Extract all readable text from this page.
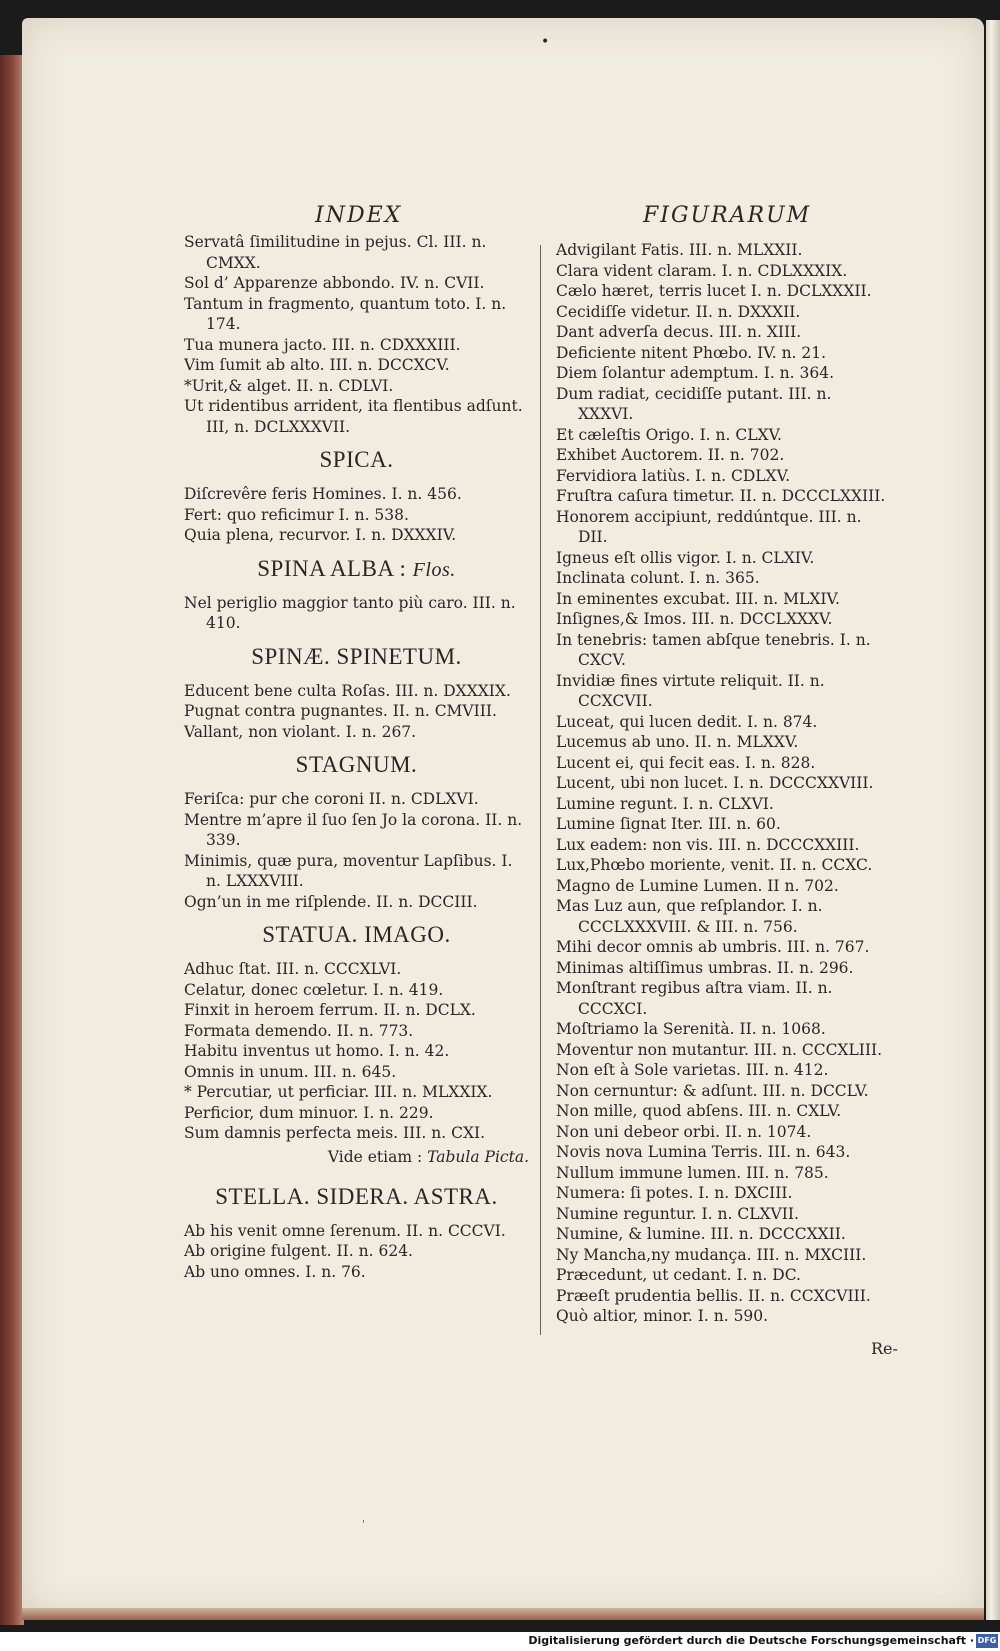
•
INDEX	FIGURARUM

Servatâ ſimilitudine in pejus. Cl. III. n. CMXX.

Sol d’ Apparenze abbondo. IV. n. CVII.

Tantum in fragmento, quantum toto. I. n. 174.

Tua munera jacto. III. n. CDXXXIII.

Vim ſumit ab alto. III. n. DCCXCV.

*Urit,& alget. II. n. CDLVI.

Ut ridentibus arrident, ita flentibus adſunt. III, n. DCLXXXVII.

SPICA.

Diſcrevêre feris Homines. I. n. 456.

Fert: quo reficimur I. n. 538.

Quia plena, recurvor. I. n. DXXXIV.

SPINA ALBA : Flos.

Nel periglio maggior tanto più caro. III. n. 410.

SPINÆ. SPINETUM.

Educent bene culta Roſas. III. n. DXXXIX.

Pugnat contra pugnantes. II. n. CMVIII.

Vallant, non violant. I. n. 267.

STAGNUM.

Feriſca: pur che coroni II. n. CDLXVI.

Mentre m’apre il ſuo ſen Jo la corona. II. n. 339.

Minimis, quæ pura, moventur Lapſibus. I. n. LXXXVIII.

Ogn’un in me riſplende. II. n. DCCIII.

STATUA. IMAGO.

Adhuc ſtat. III. n. CCCXLVI.

Celatur, donec cœletur. I. n. 419.

Finxit in heroem ferrum. II. n. DCLX.

Formata demendo. II. n. 773.

Habitu inventus ut homo. I. n. 42.

Omnis in unum. III. n. 645.

* Percutiar, ut perficiar. III. n. MLXXIX.

Perficior, dum minuor. I. n. 229.

Sum damnis perfecta meis. III. n. CXI.

Vide etiam : Tabula Picta.

STELLA. SIDERA. ASTRA.

Ab his venit omne ſerenum. II. n. CCCVI.

Ab origine fulgent. II. n. 624.

Ab uno omnes. I. n. 76.

Advigilant Fatis. III. n. MLXXII.

Clara vident claram. I. n. CDLXXXIX.

Cælo hæret, terris lucet I. n. DCLXXXII.

Cecidiſſe videtur. II. n. DXXXII.

Dant adverſa decus. III. n. XIII.

Deficiente nitent Phœbo. IV. n. 21.

Diem ſolantur ademptum. I. n. 364.

Dum radiat, cecidiſſe putant. III. n. XXXVI.

Et cæleſtis Origo. I. n. CLXV.

Exhibet Auctorem. II. n. 702.

Fervidiora latiùs. I. n. CDLXV.

Fruſtra caſura timetur. II. n. DCCCLXXIII.

Honorem accipiunt, reddúntque. III. n. DII.

Igneus eſt ollis vigor. I. n. CLXIV.

Inclinata colunt. I. n. 365.

In eminentes excubat. III. n. MLXIV.

Inſignes,& Imos. III. n. DCCLXXXV.

In tenebris: tamen abſque tenebris. I. n. CXCV.

Invidiæ fines virtute reliquit. II. n. CCXCVII.

Luceat, qui lucen dedit. I. n. 874.

Lucemus ab uno. II. n. MLXXV.

Lucent ei, qui fecit eas. I. n. 828.

Lucent, ubi non lucet. I. n. DCCCXXVIII.

Lumine regunt. I. n. CLXVI.

Lumine ſignat Iter. III. n. 60.

Lux eadem: non vis. III. n. DCCCXXIII.

Lux,Phœbo moriente, venit. II. n. CCXC.

Magno de Lumine Lumen. II n. 702.

Mas Luz aun, que reſplandor. I. n. CCCLXXXVIII. & III. n. 756.

Mihi decor omnis ab umbris. III. n. 767.

Minimas altiſſimus umbras. II. n. 296.

Monſtrant regibus aſtra viam. II. n. CCCXCI.

Moſtriamo la Serenità. II. n. 1068.

Moventur non mutantur. III. n. CCCXLIII.

Non eſt à Sole varietas. III. n. 412.

Non cernuntur: & adſunt. III. n. DCCLV.

Non mille, quod abſens. III. n. CXLV.

Non uni debeor orbi. II. n. 1074.

Novis nova Lumina Terris. III. n. 643.

Nullum immune lumen. III. n. 785.

Numera: ſi potes. I. n. DXCIII.

Numine reguntur. I. n. CLXVII.

Numine, & lumine. III. n. DCCCXXII.

Ny Mancha,ny mudança. III. n. MXCIII.

Præcedunt, ut cedant. I. n. DC.

Præeſt prudentia bellis. II. n. CCXCVIII.

Quò altior, minor. I. n. 590.

Re-
ˈ
Digitalisierung gefördert durch die Deutsche Forschungsgemeinschaft · DFG
